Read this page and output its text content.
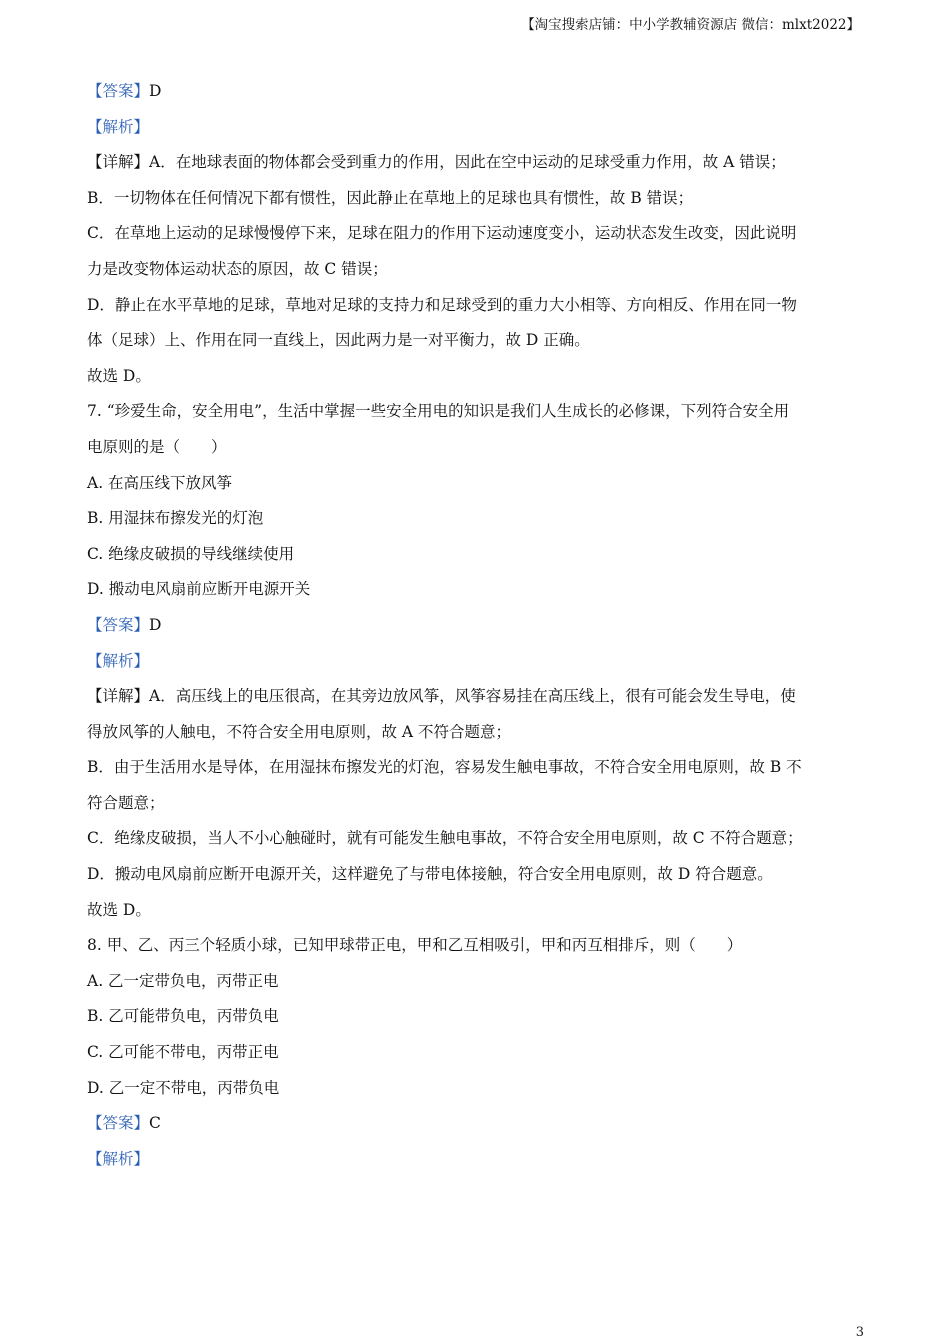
【淘宝搜索店铺：中小学教辅资源店 微信：mlxt2022】
【答案】D
【解析】
【详解】A．在地球表面的物体都会受到重力的作用，因此在空中运动的足球受重力作用，故 A 错误；
B．一切物体在任何情况下都有惯性，因此静止在草地上的足球也具有惯性，故 B 错误；
C．在草地上运动的足球慢慢停下来，足球在阻力的作用下运动速度变小，运动状态发生改变，因此说明
力是改变物体运动状态的原因，故 C 错误；
D．静止在水平草地的足球，草地对足球的支持力和足球受到的重力大小相等、方向相反、作用在同一物
体（足球）上、作用在同一直线上，因此两力是一对平衡力，故 D 正确。
故选 D。
7. “珍爱生命，安全用电”，生活中掌握一些安全用电的知识是我们人生成长的必修课，下列符合安全用
电原则的是（　　）
A. 在高压线下放风筝
B. 用湿抹布擦发光的灯泡
C. 绝缘皮破损的导线继续使用
D. 搬动电风扇前应断开电源开关
【答案】D
【解析】
【详解】A．高压线上的电压很高，在其旁边放风筝，风筝容易挂在高压线上，很有可能会发生导电，使
得放风筝的人触电，不符合安全用电原则，故 A 不符合题意；
B．由于生活用水是导体，在用湿抹布擦发光的灯泡，容易发生触电事故，不符合安全用电原则，故 B 不
符合题意；
C．绝缘皮破损，当人不小心触碰时，就有可能发生触电事故，不符合安全用电原则，故 C 不符合题意；
D．搬动电风扇前应断开电源开关，这样避免了与带电体接触，符合安全用电原则，故 D 符合题意。
故选 D。
8. 甲、乙、丙三个轻质小球，已知甲球带正电，甲和乙互相吸引，甲和丙互相排斥，则（　　）
A. 乙一定带负电，丙带正电
B. 乙可能带负电，丙带负电
C. 乙可能不带电，丙带正电
D. 乙一定不带电，丙带负电
【答案】C
【解析】
3
